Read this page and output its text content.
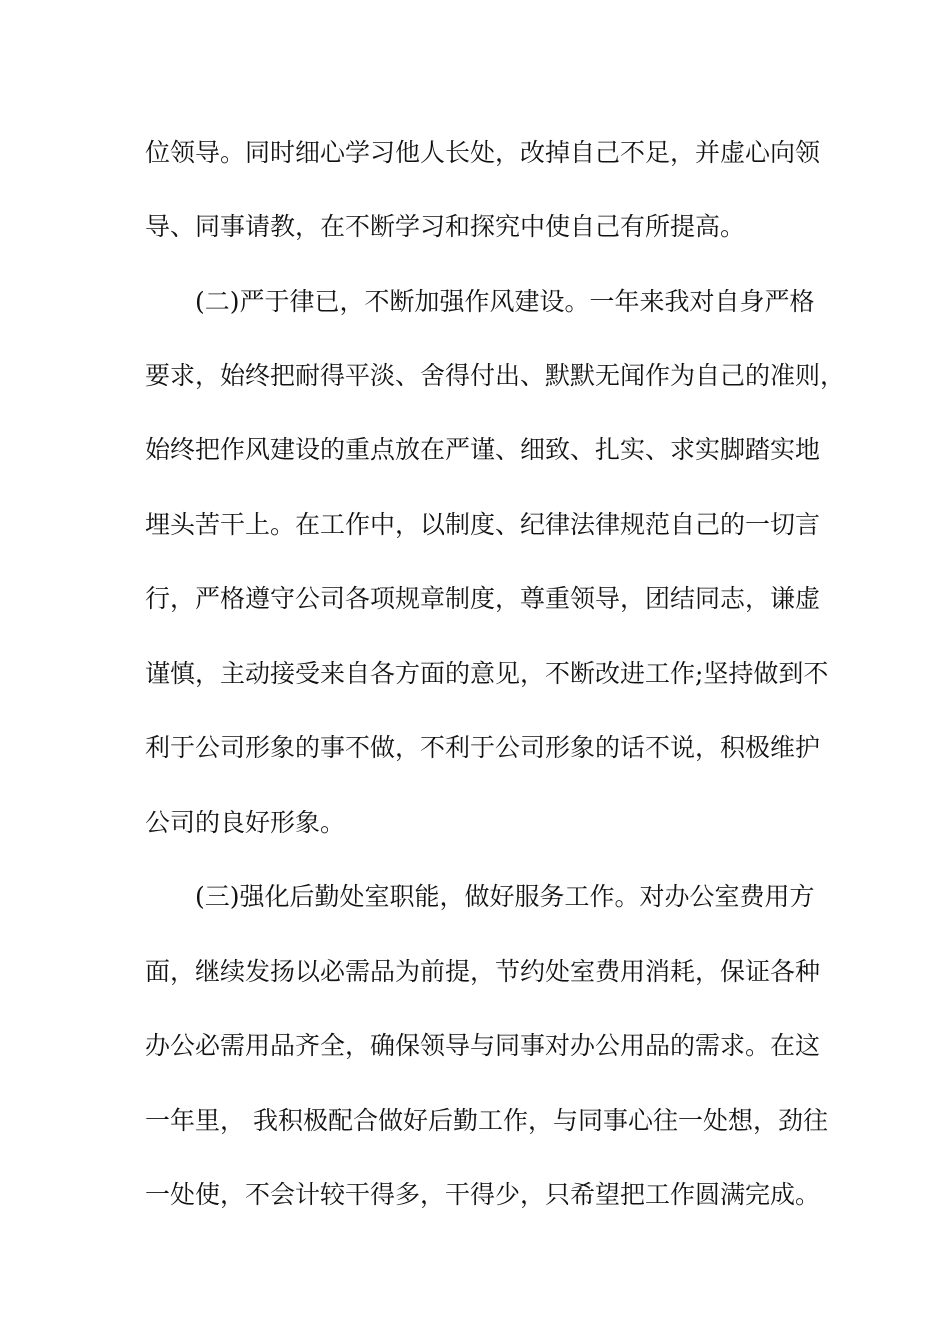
位领导。同时细心学习他人长处，改掉自己不足，并虚心向领
导、同事请教，在不断学习和探究中使自己有所提高。
(二)严于律已，不断加强作风建设。一年来我对自身严格
要求，始终把耐得平淡、舍得付出、默默无闻作为自己的准则，
始终把作风建设的重点放在严谨、细致、扎实、求实脚踏实地
埋头苦干上。在工作中，以制度、纪律法律规范自己的一切言
行，严格遵守公司各项规章制度，尊重领导，团结同志，谦虚
谨慎，主动接受来自各方面的意见，不断改进工作;坚持做到不
利于公司形象的事不做，不利于公司形象的话不说，积极维护
公司的良好形象。
(三)强化后勤处室职能，做好服务工作。对办公室费用方
面，继续发扬以必需品为前提，节约处室费用消耗，保证各种
办公必需用品齐全，确保领导与同事对办公用品的需求。在这
一年里， 我积极配合做好后勤工作，与同事心往一处想，劲往
一处使，不会计较干得多，干得少，只希望把工作圆满完成。
